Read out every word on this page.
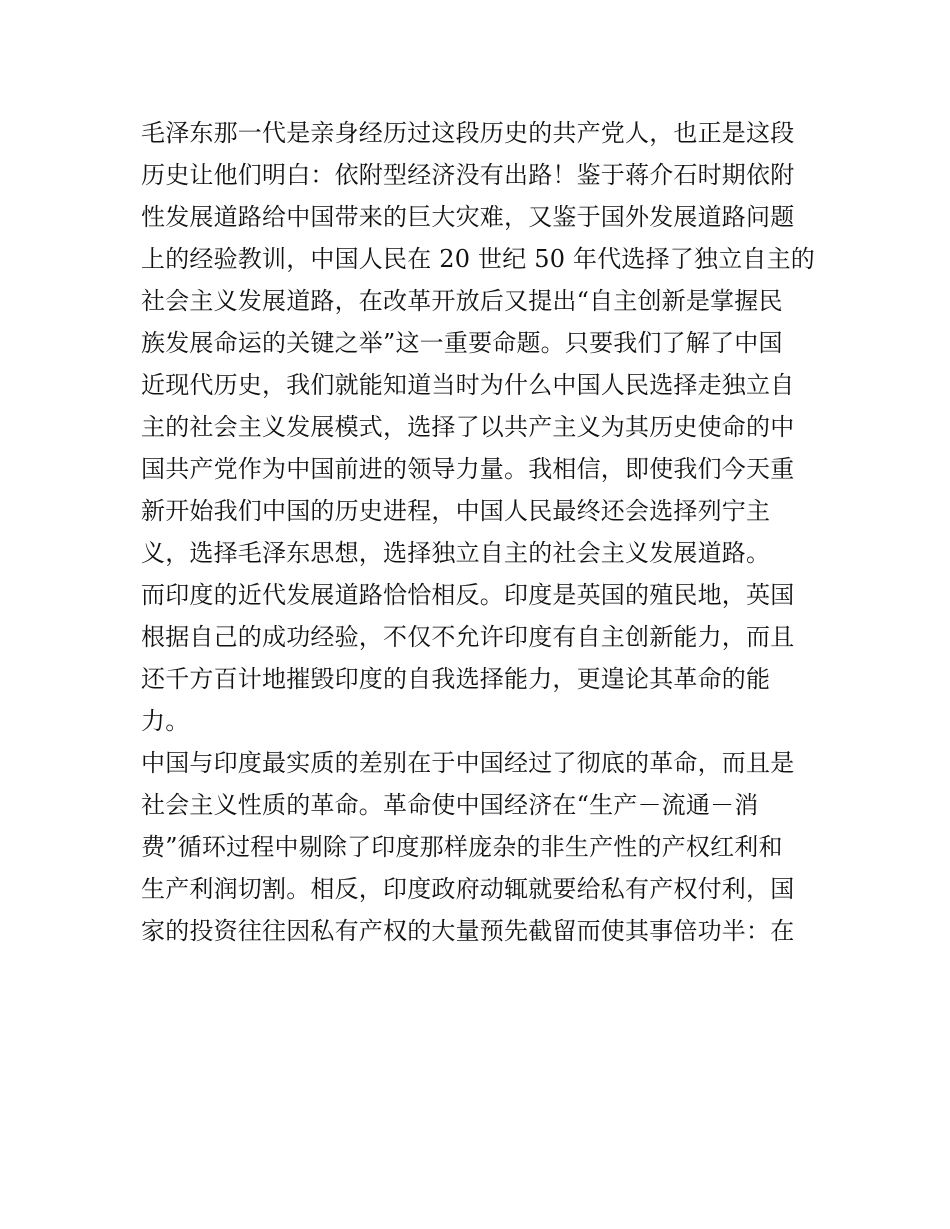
毛泽东那一代是亲身经历过这段历史的共产党人，也正是这段
历史让他们明白：依附型经济没有出路！鉴于蒋介石时期依附
性发展道路给中国带来的巨大灾难，又鉴于国外发展道路问题
上的经验教训，中国人民在 20 世纪 50 年代选择了独立自主的
社会主义发展道路，在改革开放后又提出“自主创新是掌握民
族发展命运的关键之举”这一重要命题。只要我们了解了中国
近现代历史，我们就能知道当时为什么中国人民选择走独立自
主的社会主义发展模式，选择了以共产主义为其历史使命的中
国共产党作为中国前进的领导力量。我相信，即使我们今天重
新开始我们中国的历史进程，中国人民最终还会选择列宁主
义，选择毛泽东思想，选择独立自主的社会主义发展道路。
而印度的近代发展道路恰恰相反。印度是英国的殖民地，英国
根据自己的成功经验，不仅不允许印度有自主创新能力，而且
还千方百计地摧毁印度的自我选择能力，更遑论其革命的能
力。
中国与印度最实质的差别在于中国经过了彻底的革命，而且是
社会主义性质的革命。革命使中国经济在“生产－流通－消
费”循环过程中剔除了印度那样庞杂的非生产性的产权红利和
生产利润切割。相反，印度政府动辄就要给私有产权付利，国
家的投资往往因私有产权的大量预先截留而使其事倍功半：在
